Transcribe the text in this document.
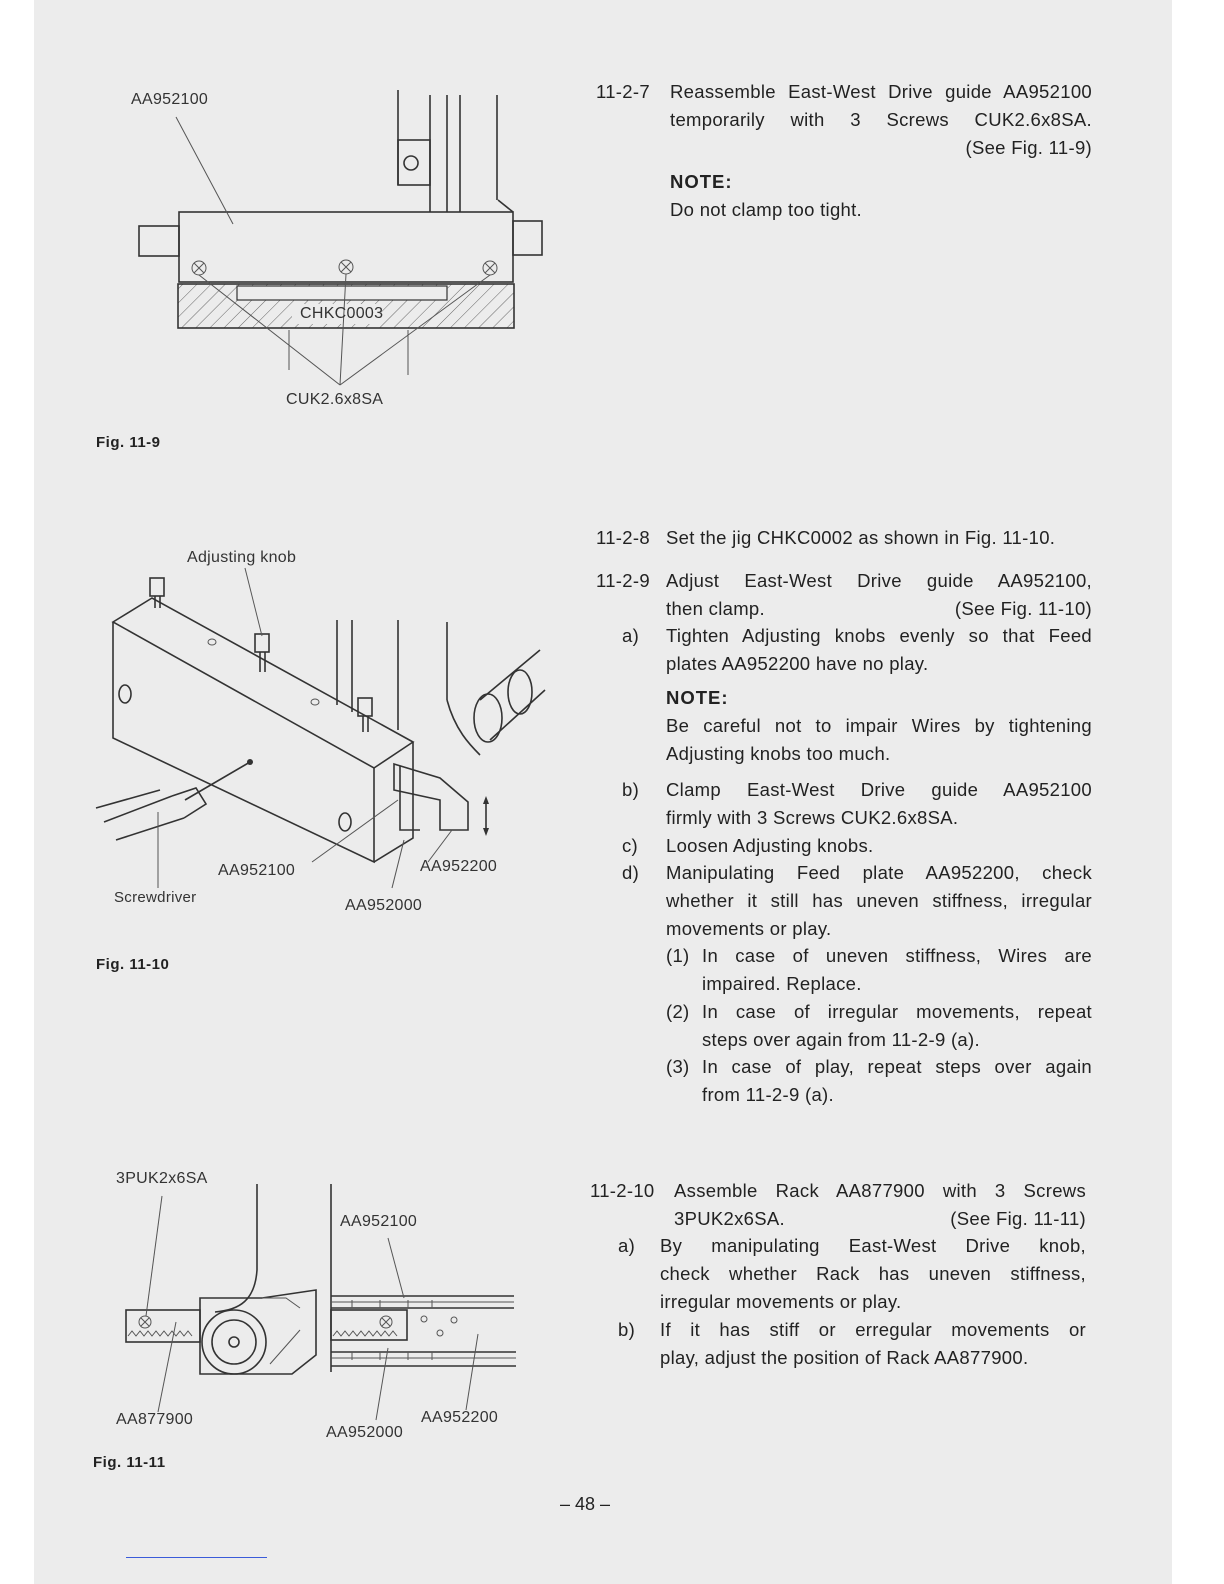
AA952100
CHKC0003
CUK2.6x8SA
Fig. 11-9
Adjusting knob
AA952100	AA952200
Screwdriver	AA952000
Fig. 11-10
3PUK2x6SA
AA952100
AA877900	AA952200
AA952000
Fig. 11-11
11-2-7 Reassemble East-West Drive guide AA952100
temporarily with 3 Screws CUK2.6x8SA.
(See Fig. 11-9)
NOTE:
Do not clamp too tight.
11-2-8 Set the jig CHKC0002 as shown in Fig. 11-10.
11-2-9 Adjust East-West Drive guide AA952100,
then clamp.	(See Fig. 11-10)
a) Tighten Adjusting knobs evenly so that Feed
plates AA952200 have no play.
NOTE:
Be careful not to impair Wires by tightening
Adjusting knobs too much.
b) Clamp East-West Drive guide AA952100
firmly with 3 Screws CUK2.6x8SA.
c) Loosen Adjusting knobs.
d) Manipulating Feed plate AA952200, check
whether it still has uneven stiffness, irregular
movements or play.
(1) In case of uneven stiffness, Wires are
impaired. Replace.
(2) In case of irregular movements, repeat
steps over again from 11-2-9 (a).
(3) In case of play, repeat steps over again
from 11-2-9 (a).
11-2-10 Assemble Rack AA877900 with 3 Screws
3PUK2x6SA.	(See Fig. 11-11)
a) By manipulating East-West Drive knob,
check whether Rack has uneven stiffness,
irregular movements or play.
b) If it has stiff or erregular movements or
play, adjust the position of Rack AA877900.
– 48 –
